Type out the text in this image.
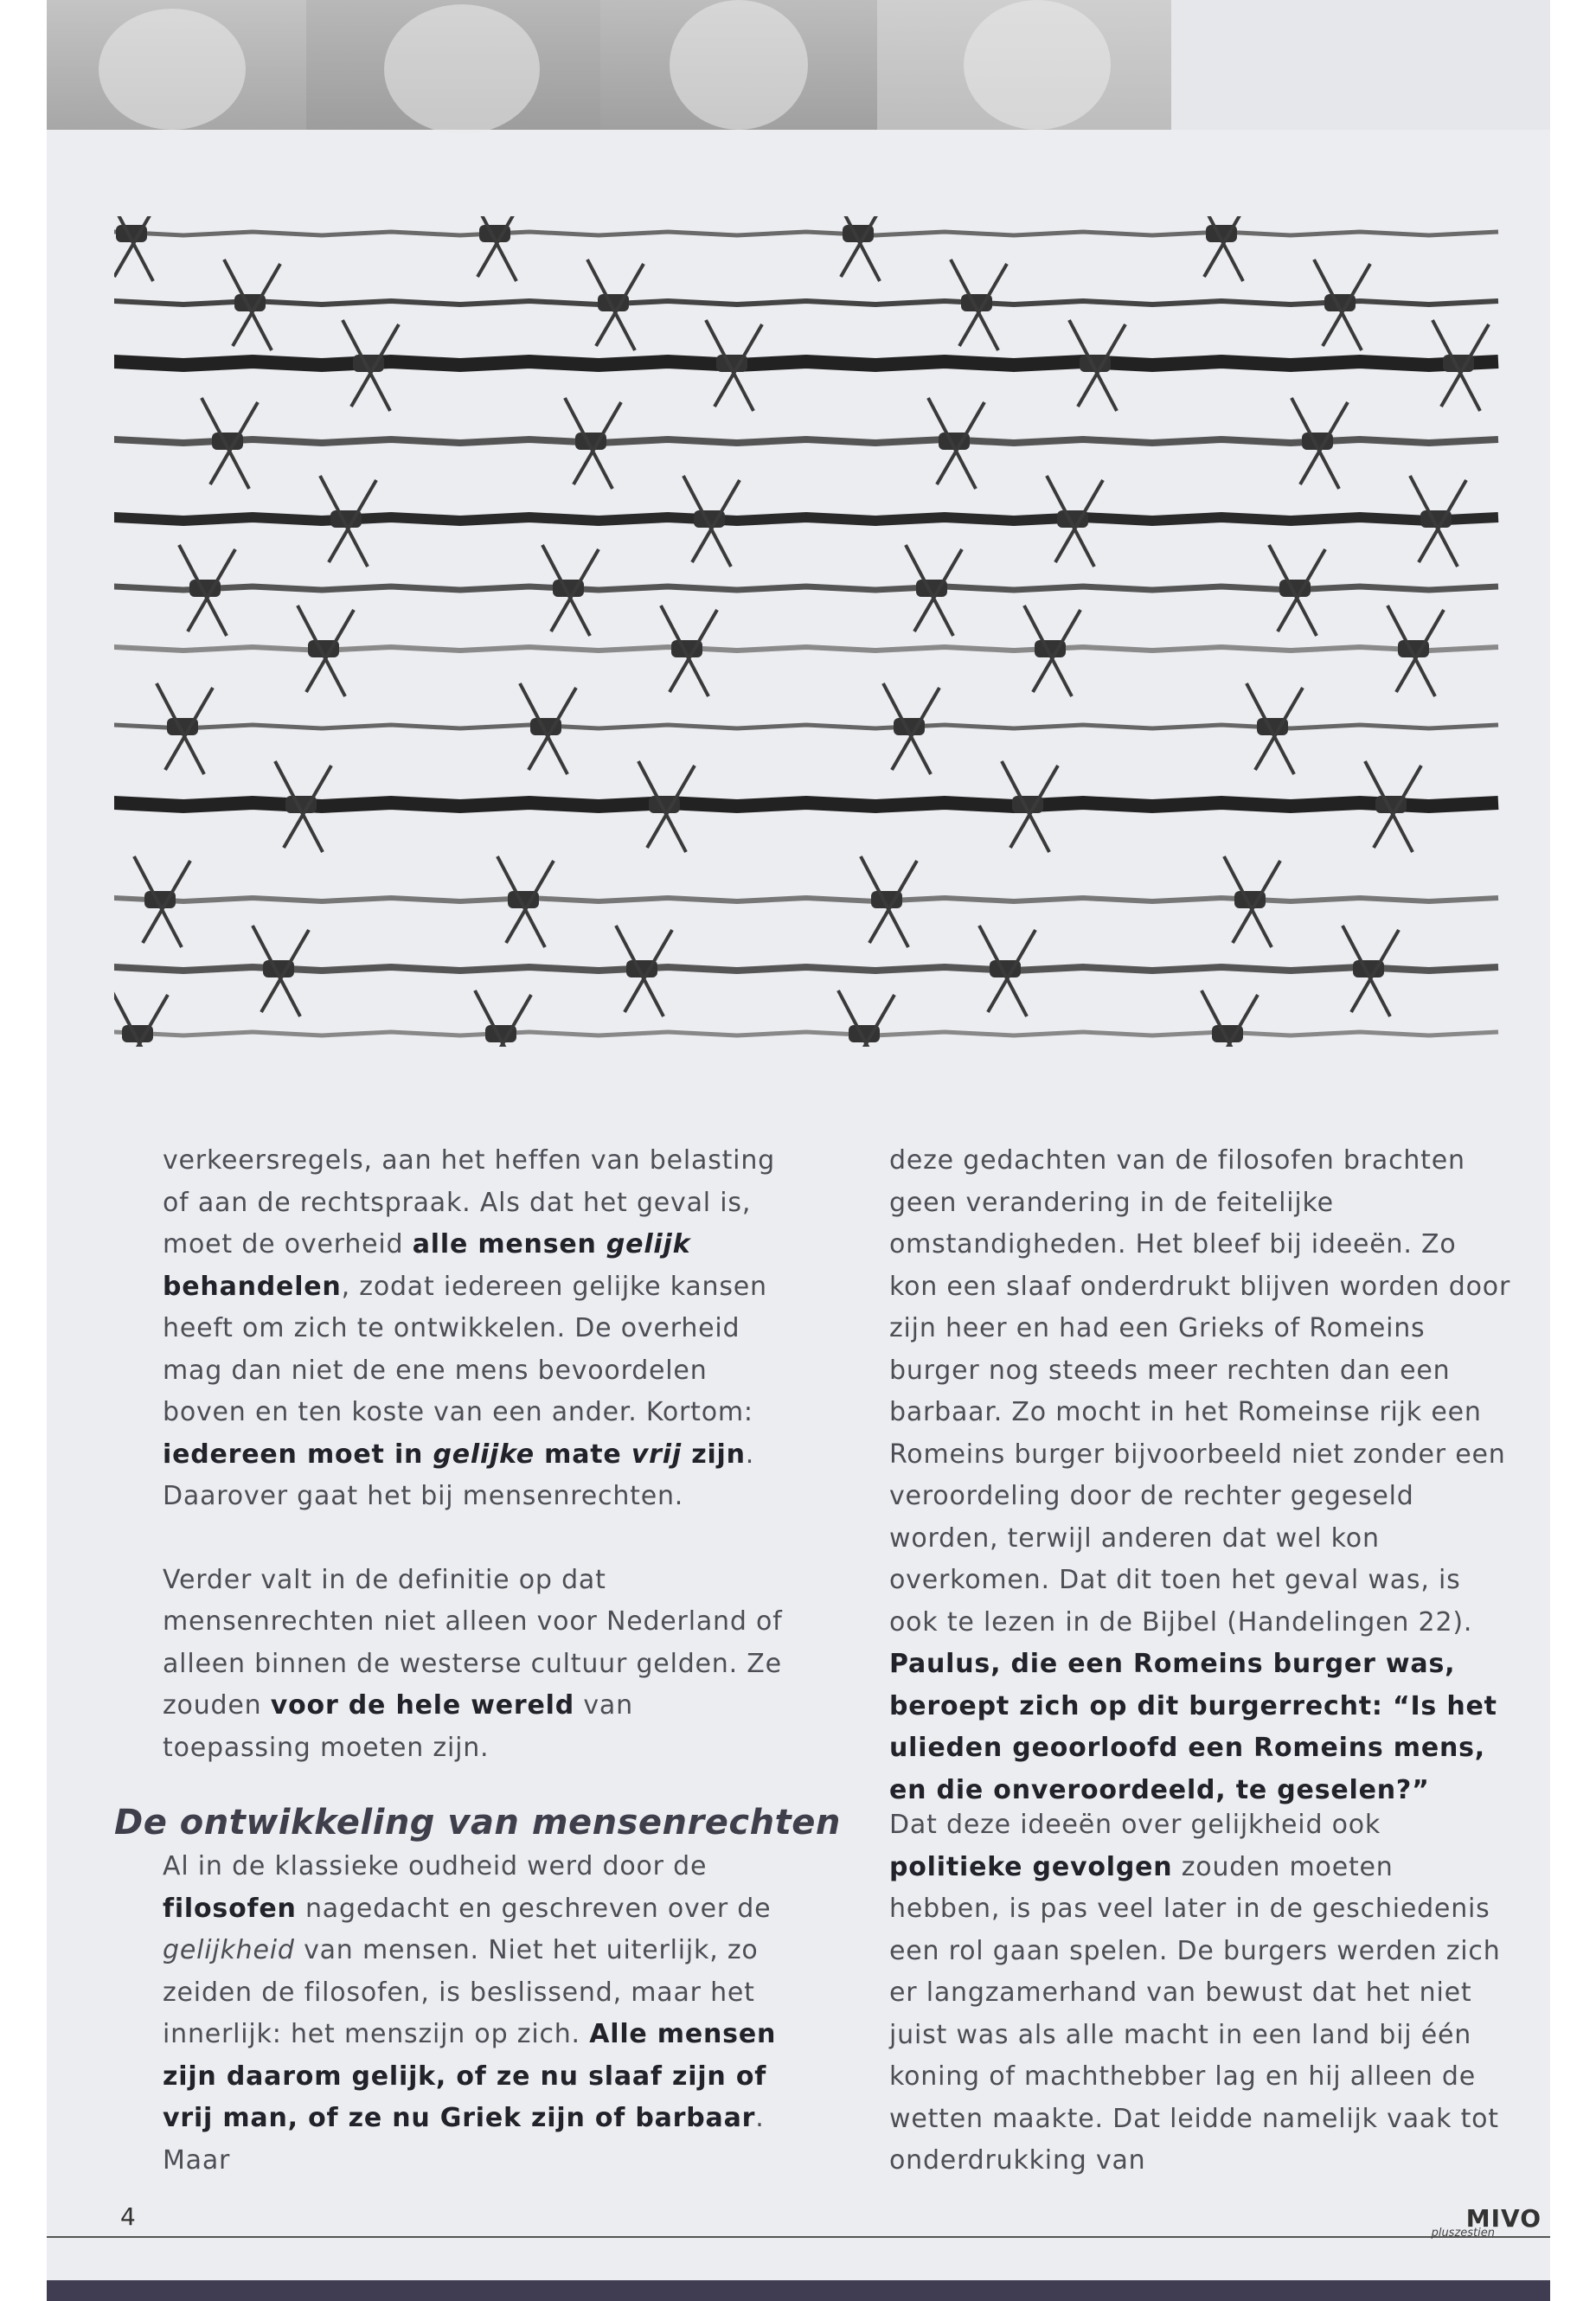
verkeersregels, aan het heffen van belasting of aan de rechtspraak. Als dat het geval is, moet de overheid alle mensen gelijk behandelen, zodat iedereen gelijke kansen heeft om zich te ontwikkelen. De overheid mag dan niet de ene mens bevoordelen boven en ten koste van een ander. Kortom: iedereen moet in gelijke mate vrij zijn. Daarover gaat het bij mensenrechten.

Verder valt in de definitie op dat mensenrechten niet alleen voor Nederland of alleen binnen de westerse cultuur gelden. Ze zouden voor de hele wereld van toepassing moeten zijn.

De ontwikkeling van mensenrechten

Al in de klassieke oudheid werd door de filosofen nagedacht en geschreven over de gelijkheid van mensen. Niet het uiterlijk, zo zeiden de filosofen, is beslissend, maar het innerlijk: het menszijn op zich. Alle mensen zijn daarom gelijk, of ze nu slaaf zijn of vrij man, of ze nu Griek zijn of barbaar. Maar

deze gedachten van de filosofen brachten geen verandering in de feitelijke omstandigheden. Het bleef bij ideeën. Zo kon een slaaf onderdrukt blijven worden door zijn heer en had een Grieks of Romeins burger nog steeds meer rechten dan een barbaar. Zo mocht in het Romeinse rijk een Romeins burger bijvoorbeeld niet zonder een veroordeling door de rechter gegeseld worden, terwijl anderen dat wel kon overkomen. Dat dit toen het geval was, is ook te lezen in de Bijbel (Handelingen 22). Paulus, die een Romeins burger was, beroept zich op dit burgerrecht: “Is het ulieden geoorloofd een Romeins mens, en die onveroordeeld, te geselen?”

Dat deze ideeën over gelijkheid ook politieke gevolgen zouden moeten hebben, is pas veel later in de geschiedenis een rol gaan spelen. De burgers werden zich er langzamerhand van bewust dat het niet juist was als alle macht in een land bij één koning of machthebber lag en hij alleen de wetten maakte. Dat leidde namelijk vaak tot onderdrukking van

4	MIVO
pluszestien
